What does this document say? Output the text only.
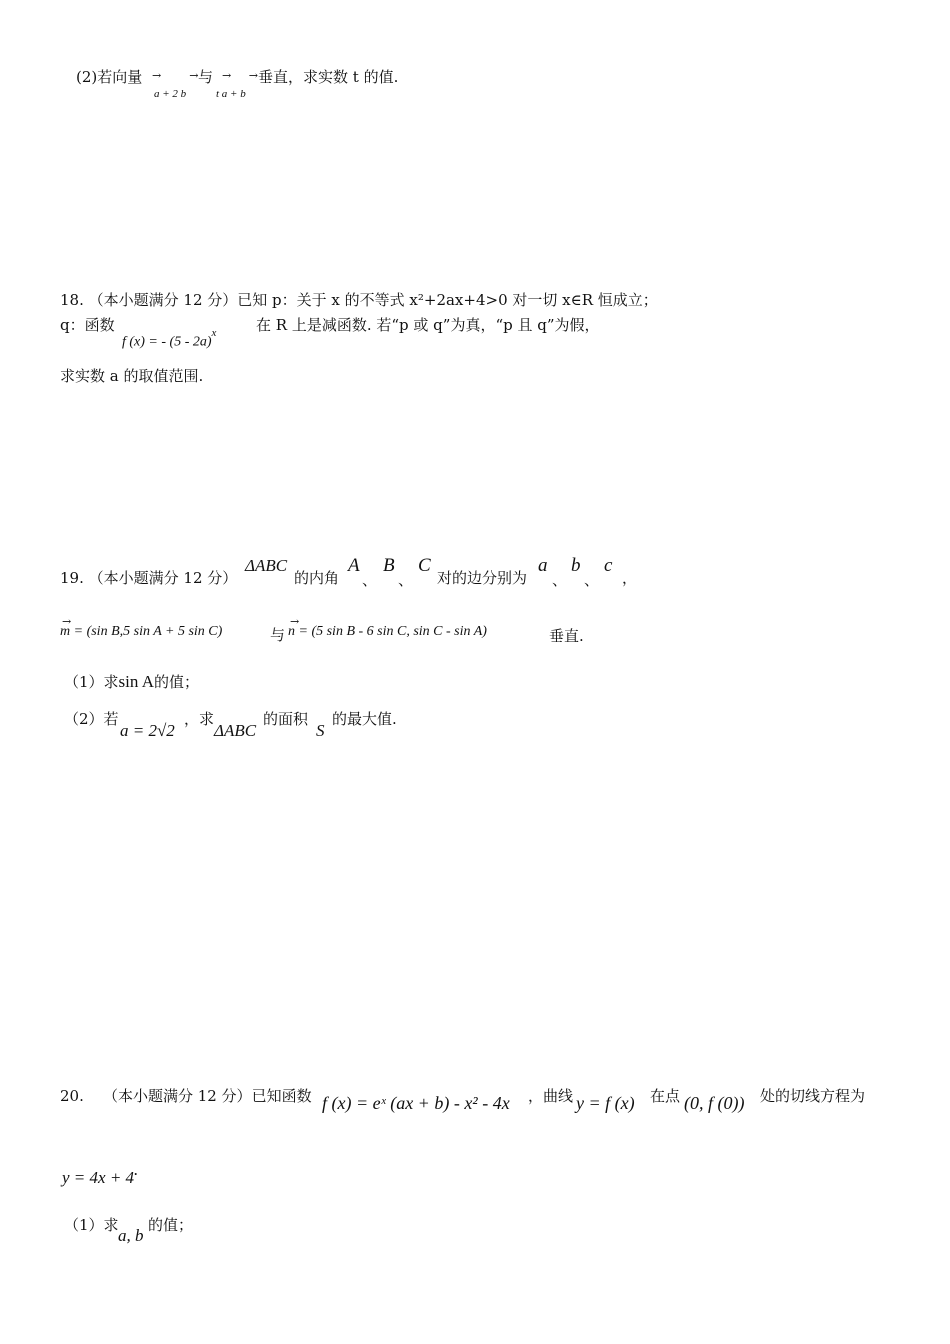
(2)若向量
a + 2 b
→        → 与
t a + b
→     → 垂直，求实数 t 的值.
18. （本小题满分 12 分）已知 p：关于 x 的不等式 x²+2ax+4>0 对一切 x∈R 恒成立；
q：函数
f (x) = - (5 - 2a)$^x$	在 R 上是减函数. 若“p 或 q”为真，“p 且 q”为假，
求实数 a 的取值范围.
19. （本小题满分 12 分）
ΔABC
的内角
A
、
B
、
C
对的边分别为
a
、
b
、
c
，
→
m = (sin B,5 sin A + 5 sin C)	与
→
n = (5 sin B - 6 sin C, sin C - sin A)	垂直.
（1）求sin A的值；
（2）若
a = 2√2
，求
ΔABC
的面积
S
的最大值.
20. （本小题满分 12 分）已知函数 f (x) = eˣ (ax + b) - x² - 4x ，曲线 y = f (x) 在点 (0, f (0)) 处的切线方程为
y = 4x + 4.
（1）求
a, b
的值；
